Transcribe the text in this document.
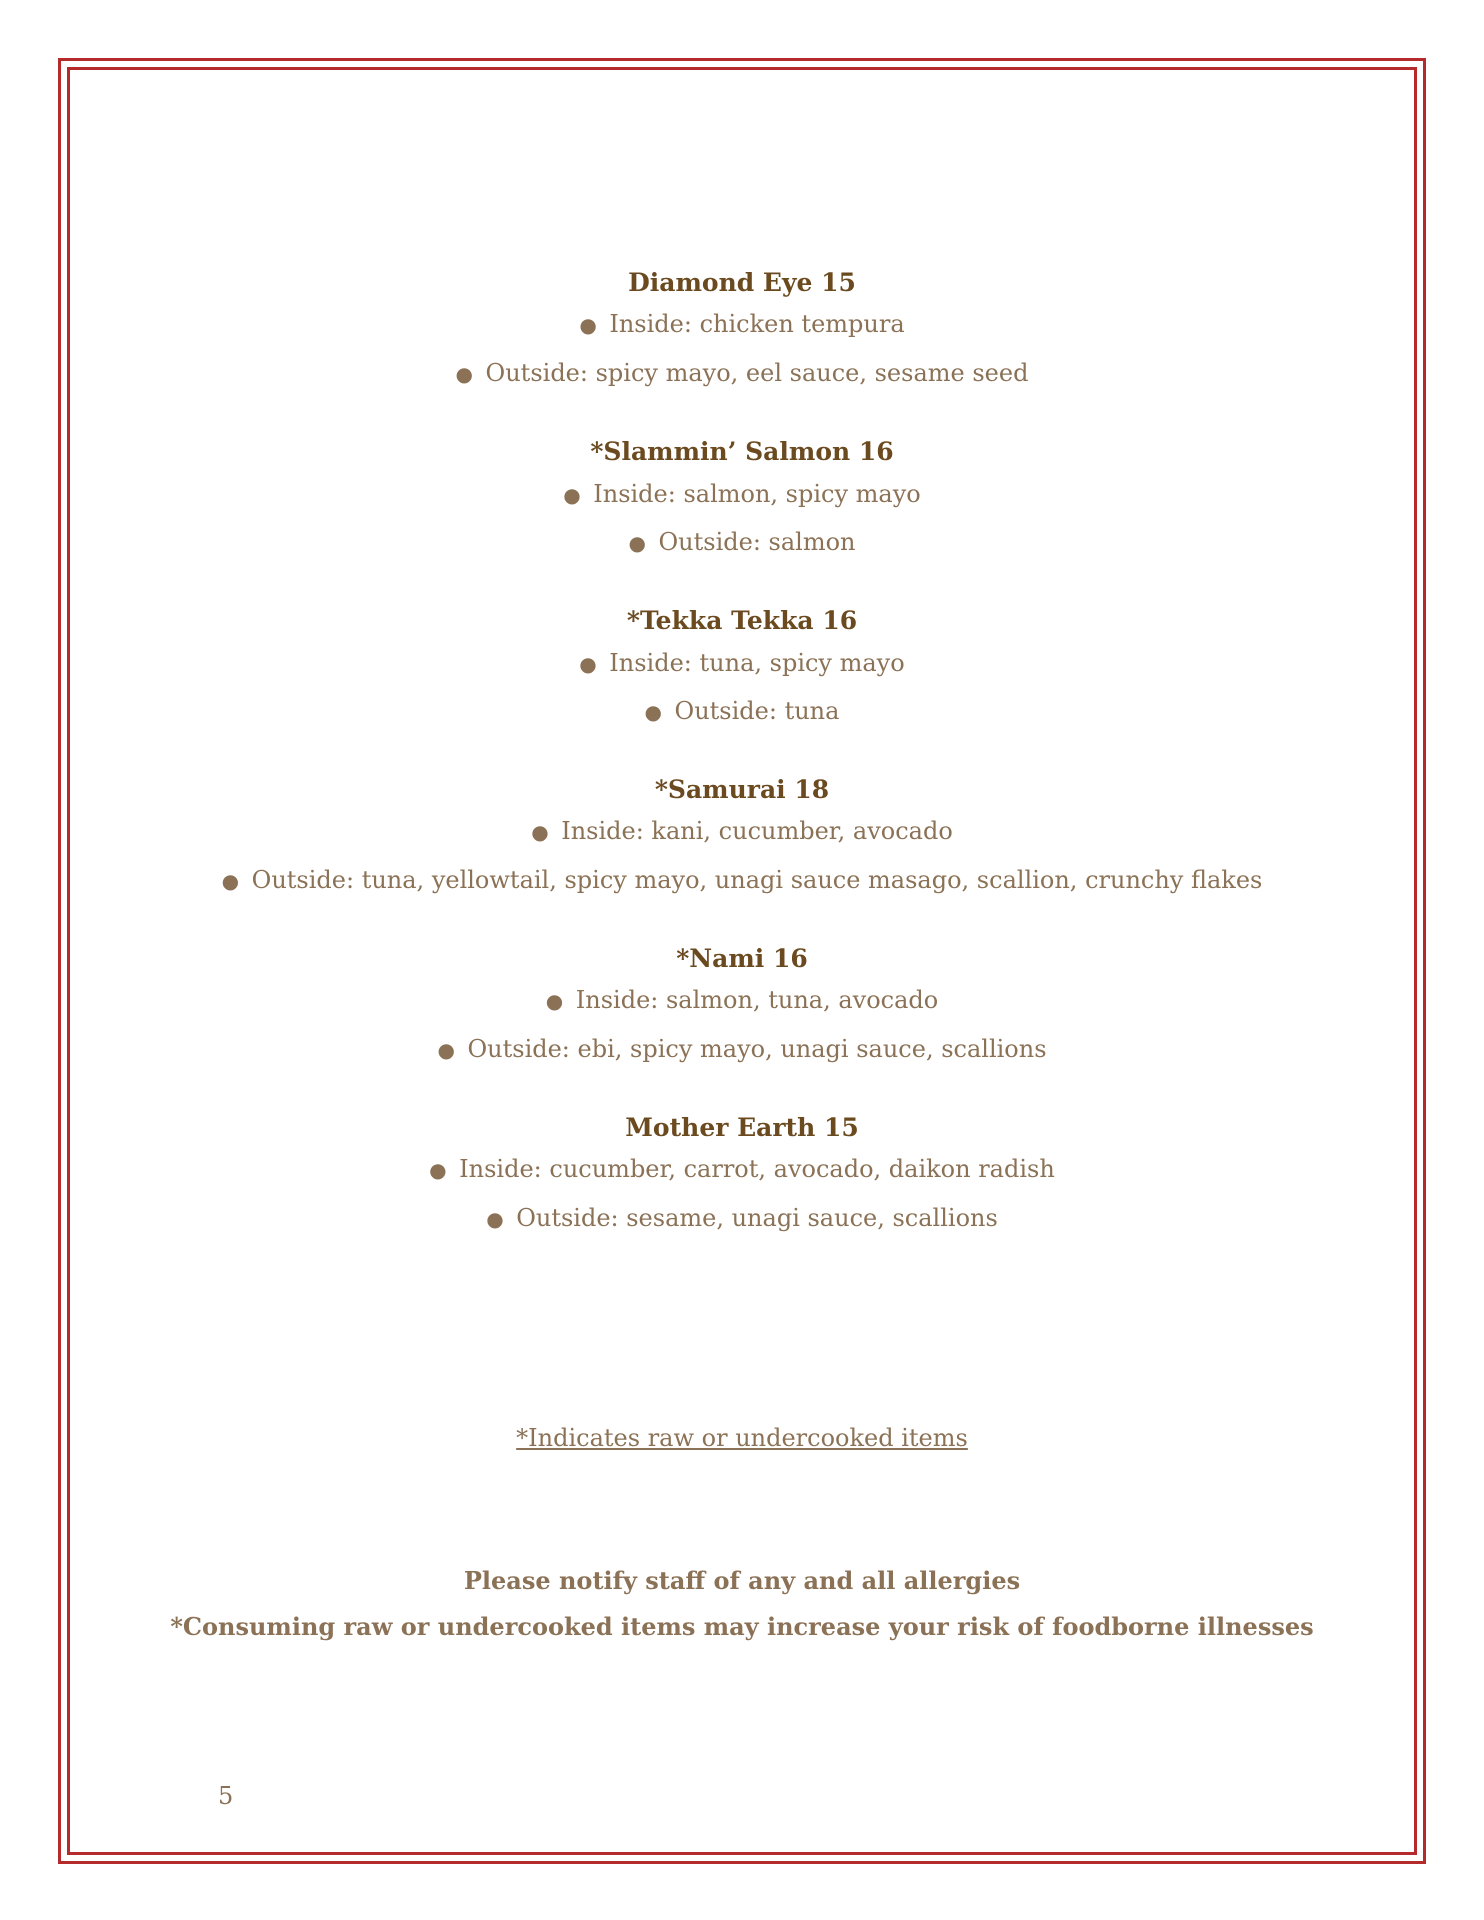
Diamond Eye 15
● Inside: chicken tempura
● Outside: spicy mayo, eel sauce, sesame seed
*Slammin’ Salmon 16
● Inside: salmon, spicy mayo
● Outside: salmon
*Tekka Tekka 16
● Inside: tuna, spicy mayo
● Outside: tuna
*Samurai 18
● Inside: kani, cucumber, avocado
● Outside: tuna, yellowtail, spicy mayo, unagi sauce masago, scallion, crunchy flakes
*Nami 16
● Inside: salmon, tuna, avocado
● Outside: ebi, spicy mayo, unagi sauce, scallions
Mother Earth 15
● Inside: cucumber, carrot, avocado, daikon radish
● Outside: sesame, unagi sauce, scallions
*Indicates raw or undercooked items
Please notify staff of any and all allergies
*Consuming raw or undercooked items may increase your risk of foodborne illnesses
5
